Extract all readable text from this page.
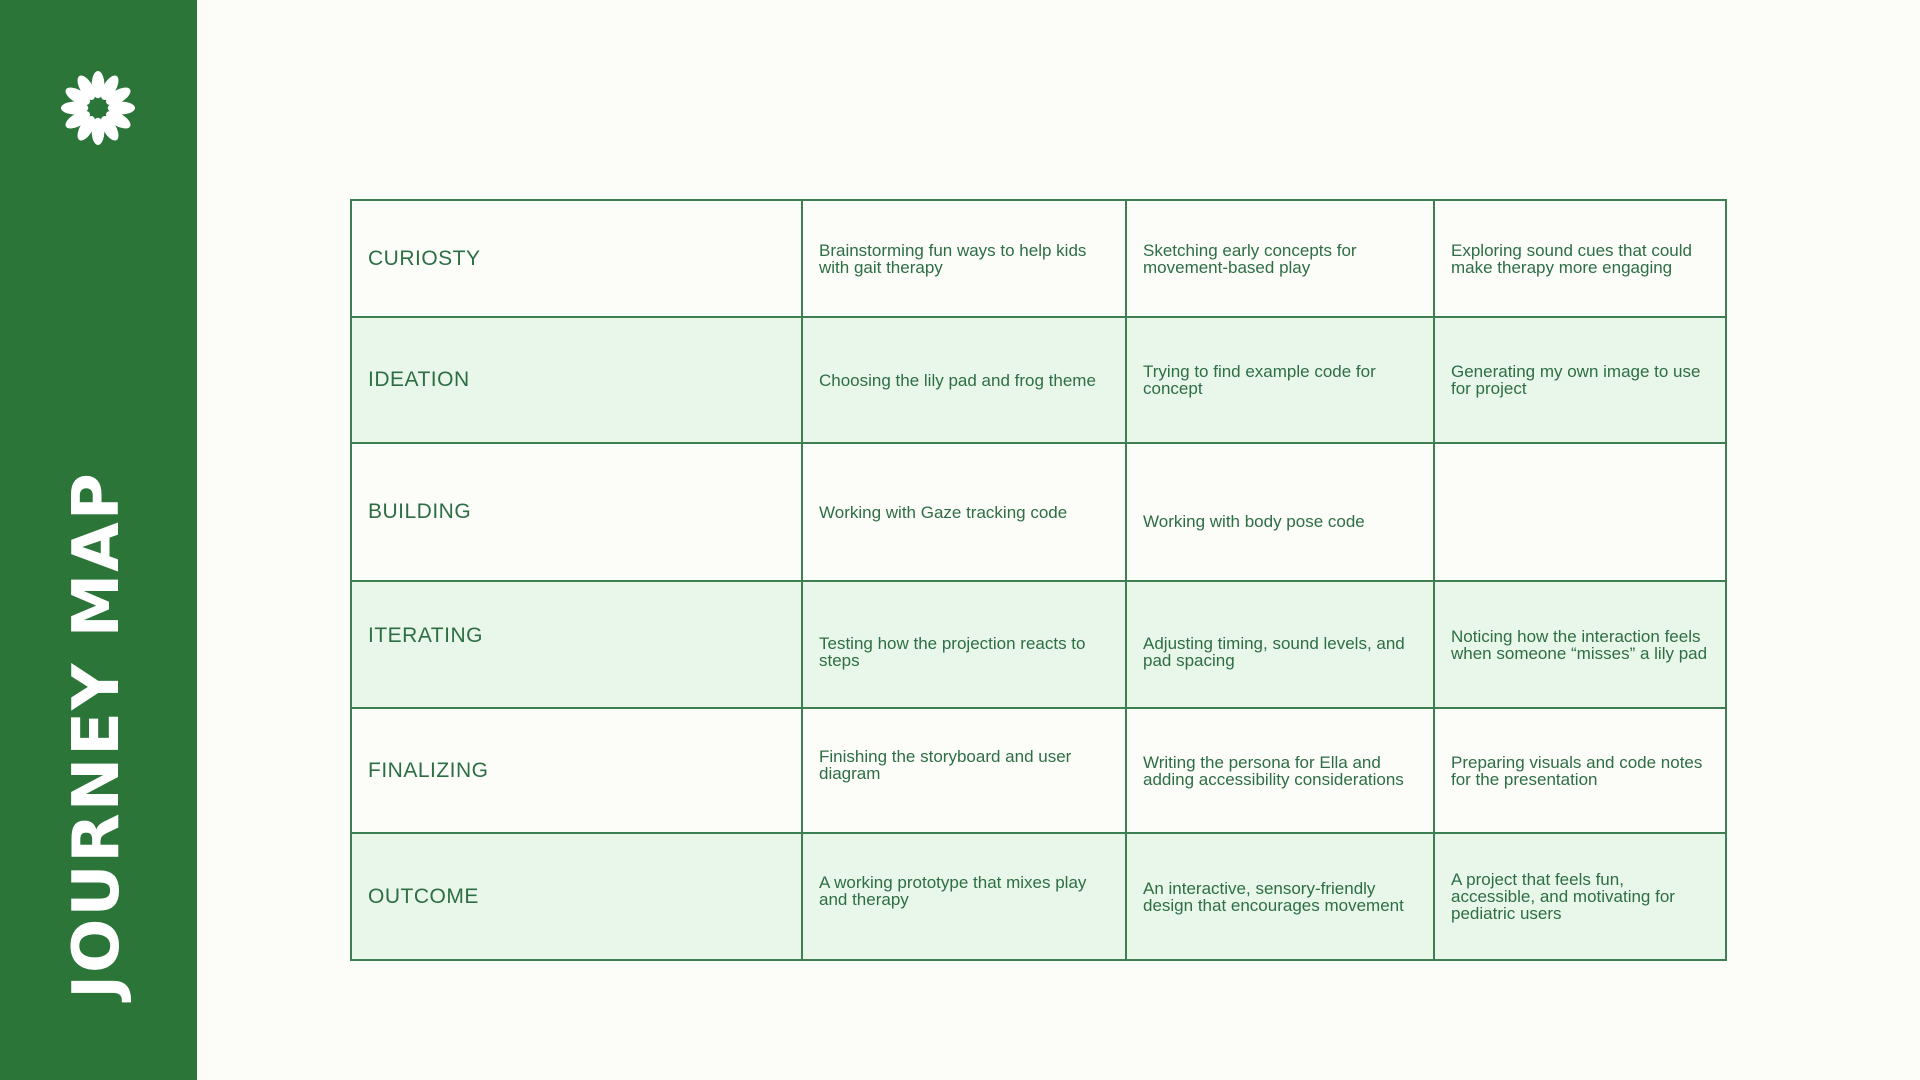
JOURNEY MAP
CURIOSTY	Brainstorming fun ways to help kids with gait therapy	Sketching early concepts for movement-based play	Exploring sound cues that could make therapy more engaging
IDEATION	Choosing the lily pad and frog theme	Trying to find example code for concept	Generating my own image to use for project
BUILDING	Working with Gaze tracking code	Working with body pose code	
ITERATING	Testing how the projection reacts to steps	Adjusting timing, sound levels, and pad spacing	Noticing how the interaction feels when someone “misses” a lily pad
FINALIZING	Finishing the storyboard and user diagram	Writing the persona for Ella and adding accessibility considerations	Preparing visuals and code notes for the presentation
OUTCOME	A working prototype that mixes play and therapy	An interactive, sensory-friendly design that encourages movement	A project that feels fun, accessible, and motivating for pediatric users
